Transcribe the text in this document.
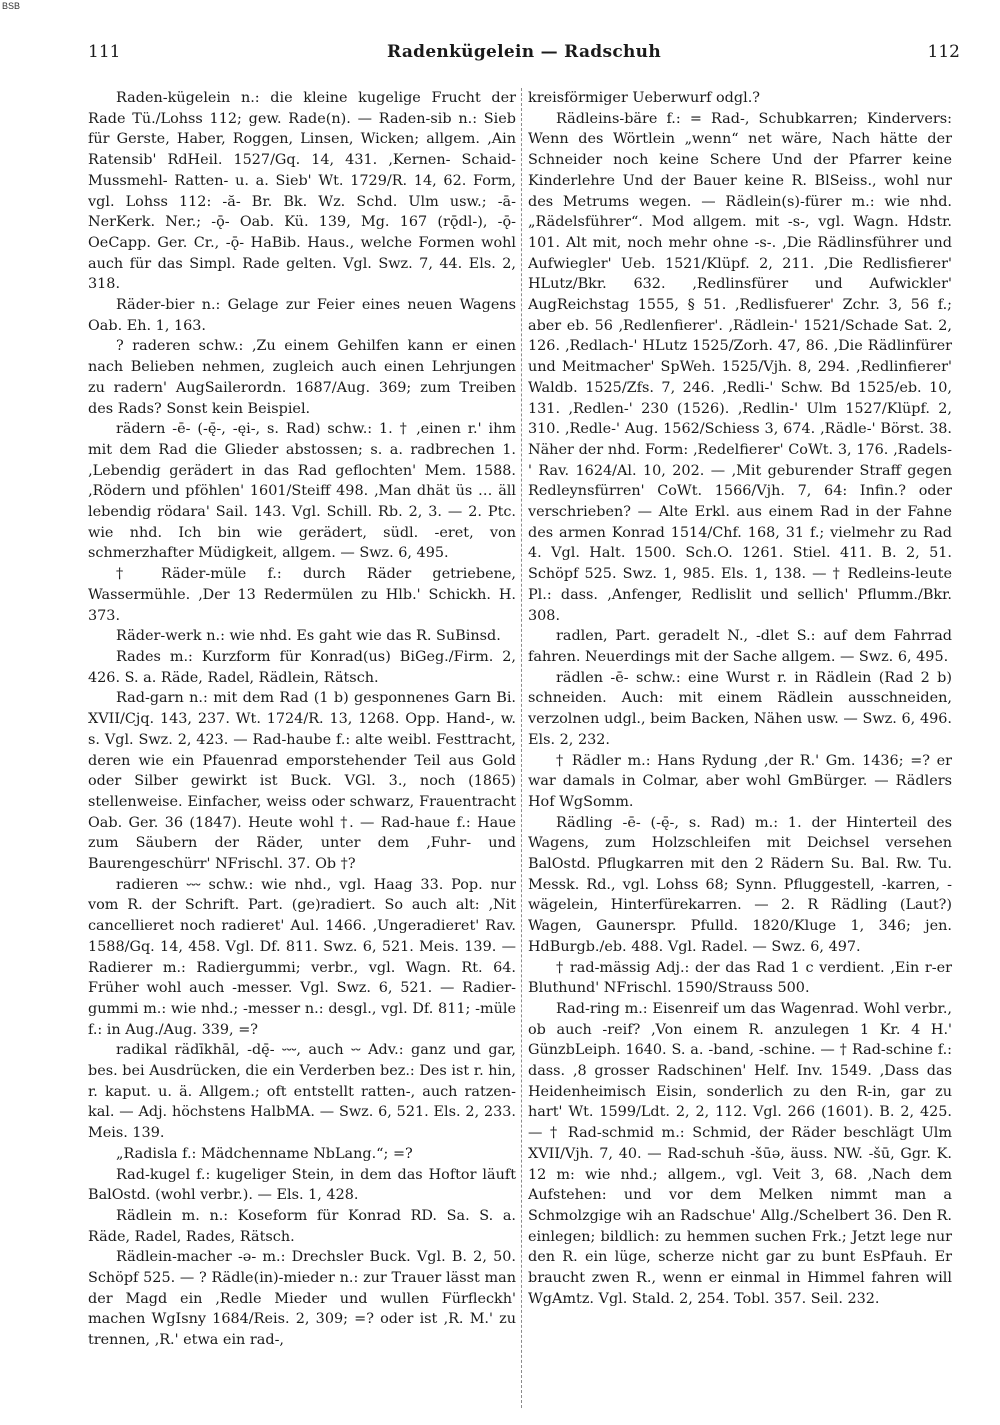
BSB
111	Radenkügelein — Radschuh	112

Raden-kügelein n.: die kleine kugelige Frucht der Rade Tü./Lohss 112; gew. Rade(n). — Raden-sib n.: Sieb für Gerste, Haber, Roggen, Linsen, Wicken; allgem. ‚Ain Ratensib' RdHeil. 1527/Gq. 14, 431. ‚Kernen- Schaid- Mussmehl- Ratten- u. a. Sieb' Wt. 1729/R. 14, 62. Form, vgl. Lohss 112: -ă- Br. Bk. Wz. Schd. Ulm usw.; -ā- NerKerk. Ner.; -ǭ- Oab. Kü. 139, Mg. 167 (rǭdl-), -ǭ- OeCapp. Ger. Cr., -ǭ- HaBib. Haus., welche Formen wohl auch für das Simpl. Rade gelten. Vgl. Swz. 7, 44. Els. 2, 318.

Räder-bier n.: Gelage zur Feier eines neuen Wagens Oab. Eh. 1, 163.

? raderen schw.: ‚Zu einem Gehilfen kann er einen nach Belieben nehmen, zugleich auch einen Lehrjungen zu radern' AugSailerordn. 1687/Aug. 369; zum Treiben des Rads? Sonst kein Beispiel.

rädern -ē- (-ę̄-, -ęi-, s. Rad) schw.: 1. † ‚einen r.' ihm mit dem Rad die Glieder abstossen; s. a. radbrechen 1. ‚Lebendig gerädert in das Rad geflochten' Mem. 1588. ‚Rödern und pföhlen' 1601/Steiff 498. ‚Man dhät üs … äll lebendig rödara' Sail. 143. Vgl. Schill. Rb. 2, 3. — 2. Ptc. wie nhd. Ich bin wie gerädert, südl. -eret, von schmerzhafter Müdigkeit, allgem. — Swz. 6, 495.

† Räder-müle f.: durch Räder getriebene, Wassermühle. ‚Der 13 Redermülen zu Hlb.' Schickh. H. 373.

Räder-werk n.: wie nhd. Es gaht wie das R. SuBinsd.

Rades m.: Kurzform für Konrad(us) BiGeg./Firm. 2, 426. S. a. Räde, Radel, Rädlein, Rätsch.

Rad-garn n.: mit dem Rad (1 b) gesponnenes Garn Bi. XVII/Cjq. 143, 237. Wt. 1724/R. 13, 1268. Opp. Hand-, w. s. Vgl. Swz. 2, 423. — Rad-haube f.: alte weibl. Festtracht, deren wie ein Pfauenrad emporstehender Teil aus Gold oder Silber gewirkt ist Buck. VGl. 3., noch (1865) stellenweise. Einfacher, weiss oder schwarz, Frauentracht Oab. Ger. 36 (1847). Heute wohl †. — Rad-haue f.: Haue zum Säubern der Räder, unter dem ‚Fuhr- und Baurengeschürr' NFrischl. 37. Ob †?

radieren ⏑⏑⏑ schw.: wie nhd., vgl. Haag 33. Pop. nur vom R. der Schrift. Part. (ge)radiert. So auch alt: ‚Nit cancellieret noch radieret' Aul. 1466. ‚Ungeradieret' Rav. 1588/Gq. 14, 458. Vgl. Df. 811. Swz. 6, 521. Meis. 139. — Radierer m.: Radiergummi; verbr., vgl. Wagn. Rt. 64. Früher wohl auch -messer. Vgl. Swz. 6, 521. — Radier-gummi m.: wie nhd.; -messer n.: desgl., vgl. Df. 811; -müle f.: in Aug./Aug. 339, =?

radikal rädīkhāl, -dę̄- ⏑⏑⏑, auch ⏑⏑ Adv.: ganz und gar, bes. bei Ausdrücken, die ein Verderben bez.: Des ist r. hin, r. kaput. u. ä. Allgem.; oft entstellt ratten-, auch ratzen-kal. — Adj. höchstens HalbMA. — Swz. 6, 521. Els. 2, 233. Meis. 139.

„Radisla f.: Mädchenname NbLang.“; =?

Rad-kugel f.: kugeliger Stein, in dem das Hoftor läuft BalOstd. (wohl verbr.). — Els. 1, 428.

Rädlein m. n.: Koseform für Konrad RD. Sa. S. a. Räde, Radel, Rades, Rätsch.

Rädlein-macher -ə- m.: Drechsler Buck. Vgl. B. 2, 50. Schöpf 525. — ? Rädle(in)-mieder n.: zur Trauer lässt man der Magd ein ‚Redle Mieder und wullen Fürfleckh' machen WgIsny 1684/Reis. 2, 309; =? oder ist ‚R. M.' zu trennen, ‚R.' etwa ein rad-,

kreisförmiger Ueberwurf odgl.?

Rädleins-bäre f.: = Rad-, Schubkarren; Kindervers: Wenn des Wörtlein „wenn“ net wäre, Nach hätte der Schneider noch keine Schere Und der Pfarrer keine Kinderlehre Und der Bauer keine R. BlSeiss., wohl nur des Metrums wegen. — Rädlein(s)-fürer m.: wie nhd. „Rädelsführer“. Mod allgem. mit -s-, vgl. Wagn. Hdstr. 101. Alt mit, noch mehr ohne -s-. ‚Die Rädlinsführer und Aufwiegler' Ueb. 1521/Klüpf. 2, 211. ‚Die Redlisfierer' HLutz/Bkr. 632. ‚Redlinsfürer und Aufwickler' AugReichstag 1555, § 51. ‚Redlisfuerer' Zchr. 3, 56 f.; aber eb. 56 ‚Redlenfierer'. ‚Rädlein-' 1521/Schade Sat. 2, 126. ‚Redlach-' HLutz 1525/Zorh. 47, 86. ‚Die Rädlinfürer und Meitmacher' SpWeh. 1525/Vjh. 8, 294. ‚Redlinfierer' Waldb. 1525/Zfs. 7, 246. ‚Redli-' Schw. Bd 1525/eb. 10, 131. ‚Redlen-' 230 (1526). ‚Redlin-' Ulm 1527/Klüpf. 2, 310. ‚Redle-' Aug. 1562/Schiess 3, 674. ‚Rädle-' Börst. 38. Näher der nhd. Form: ‚Redelfierer' CoWt. 3, 176. ‚Radels-' Rav. 1624/Al. 10, 202. — ‚Mit geburender Straff gegen Redleynsfürren' CoWt. 1566/Vjh. 7, 64: Infin.? oder verschrieben? — Alte Erkl. aus einem Rad in der Fahne des armen Konrad 1514/Chf. 168, 31 f.; vielmehr zu Rad 4. Vgl. Halt. 1500. Sch.O. 1261. Stiel. 411. B. 2, 51. Schöpf 525. Swz. 1, 985. Els. 1, 138. — † Redleins-leute Pl.: dass. ‚Anfenger, Redlislit und sellich' Pflumm./Bkr. 308.

radlen, Part. geradelt N., -dlet S.: auf dem Fahrrad fahren. Neuerdings mit der Sache allgem. — Swz. 6, 495.

rädlen -ē- schw.: eine Wurst r. in Rädlein (Rad 2 b) schneiden. Auch: mit einem Rädlein ausschneiden, verzolnen udgl., beim Backen, Nähen usw. — Swz. 6, 496. Els. 2, 232.

† Rädler m.: Hans Rydung ‚der R.' Gm. 1436; =? er war damals in Colmar, aber wohl GmBürger. — Rädlers Hof WgSomm.

Rädling -ē- (-ę̄-, s. Rad) m.: 1. der Hinterteil des Wagens, zum Holzschleifen mit Deichsel versehen BalOstd. Pflugkarren mit den 2 Rädern Su. Bal. Rw. Tu. Messk. Rd., vgl. Lohss 68; Synn. Pfluggestell, -karren, -wägelein, Hinterfürekarren. — 2. R Rädling (Laut?) Wagen, Gaunerspr. Pfulld. 1820/Kluge 1, 346; jen. HdBurgb./eb. 488. Vgl. Radel. — Swz. 6, 497.

† rad-mässig Adj.: der das Rad 1 c verdient. ‚Ein r-er Bluthund' NFrischl. 1590/Strauss 500.

Rad-ring m.: Eisenreif um das Wagenrad. Wohl verbr., ob auch -reif? ‚Von einem R. anzulegen 1 Kr. 4 H.' GünzbLeiph. 1640. S. a. -band, -schine. — † Rad-schine f.: dass. ‚8 grosser Radschinen' Helf. Inv. 1549. ‚Dass das Heidenheimisch Eisin, sonderlich zu den R-in, gar zu hart' Wt. 1599/Ldt. 2, 2, 112. Vgl. 266 (1601). B. 2, 425. — † Rad-schmid m.: Schmid, der Räder beschlägt Ulm XVII/Vjh. 7, 40. — Rad-schuh -šūə, äuss. NW. -šū, Ggr. K. 12 m: wie nhd.; allgem., vgl. Veit 3, 68. ‚Nach dem Aufstehen: und vor dem Melken nimmt man a Schmolzgige wih an Radschue' Allg./Schelbert 36. Den R. einlegen; bildlich: zu hemmen suchen Frk.; Jetzt lege nur den R. ein lüge, scherze nicht gar zu bunt EsPfauh. Er braucht zwen R., wenn er einmal in Himmel fahren will WgAmtz. Vgl. Stald. 2, 254. Tobl. 357. Seil. 232.
